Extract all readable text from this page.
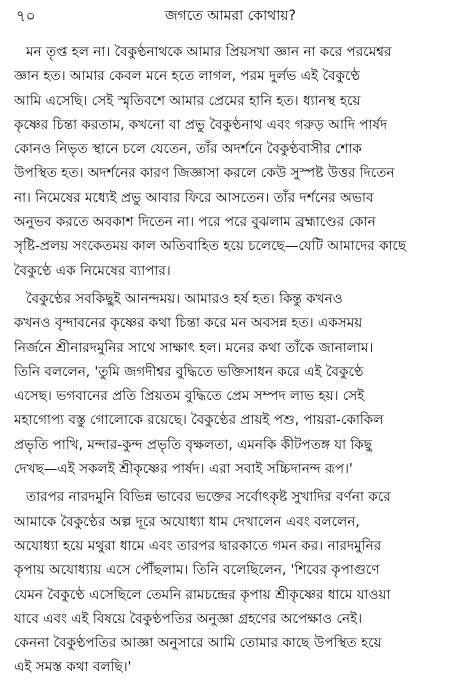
৭০	জগতে আমরা কোথায়?

মন তৃপ্ত হল না। বৈকুণ্ঠনাথকে আমার প্রিয়সখা জ্ঞান না করে পরমেশ্বর
জ্ঞান হত। আমার কেবল মনে হতে লাগল, পরম দুর্লভ এই বৈকুণ্ঠে
আমি এসেছি। সেই স্মৃতিবশে আমার প্রেমের হানি হত। ধ্যানস্থ হয়ে
কৃষ্ণের চিন্তা করতাম, কখনো বা প্রভু বৈকুণ্ঠনাথ এবং গরুড় আদি পার্ষদ
কোনও নিভৃত স্থানে চলে যেতেন, তাঁর অদর্শনে বৈকুণ্ঠবাসীর শোক
উপস্থিত হত। অদর্শনের কারণ জিজ্ঞাসা করলে কেউ সুস্পষ্ট উত্তর দিতেন
না। নিমেষের মধ্যেই প্রভু আবার ফিরে আসতেন। তাঁর দর্শনের অভাব
অনুভব করতে অবকাশ দিতেন না। পরে পরে বুঝলাম ব্রহ্মাণ্ডের কোন
সৃষ্টি-প্রলয় সংকেতময় কাল অতিবাহিত হয়ে চলেছে—যেটি আমাদের কাছে
বৈকুণ্ঠে এক নিমেষের ব্যাপার।

বৈকুণ্ঠের সবকিছুই আনন্দময়। আমারও হর্ষ হত। কিন্তু কখনও
কখনও বৃন্দাবনের কৃষ্ণের কথা চিন্তা করে মন অবসন্ন হত। একসময়
নির্জনে শ্রীনারদমুনির সাথে সাক্ষাৎ হল। মনের কথা তাঁকে জানালাম।
তিনি বললেন, 'তুমি জগদীশ্বর বুদ্ধিতে ভক্তিসাধন করে এই বৈকুণ্ঠে
এসেছ। ভগবানের প্রতি প্রিয়তম বুদ্ধিতে প্রেম সম্পদ লাভ হয়। সেই
মহাগোপ্য বস্তু গোলোকে রয়েছে। বৈকুণ্ঠের প্রায়ই পশু, পায়রা-কোকিল
প্রভৃতি পাখি, মন্দার-কুন্দ প্রভৃতি বৃক্ষলতা, এমনকি কীটপতঙ্গ যা কিছু
দেখছ—এই সকলই শ্রীকৃষ্ণের পার্ষদ। এরা সবাই সচ্চিদানন্দ রূপ।'

তারপর নারদমুনি বিভিন্ন ভাবের ভক্তের সর্বোৎকৃষ্ট সুখাদির বর্ণনা করে
আমাকে বৈকুণ্ঠের অল্প দূরে অযোধ্যা ধাম দেখালেন এবং বললেন,
অযোধ্যা হয়ে মথুরা ধামে এবং তারপর দ্বারকাতে গমন কর। নারদমুনির
কৃপায় অযোধ্যায় এসে পৌঁছলাম। তিনি বলেছিলেন, 'শিবের কৃপাগুণে
যেমন বৈকুণ্ঠে এসেছিলে তেমনি রামচন্দ্রের কৃপায় শ্রীকৃষ্ণের ধামে যাওয়া
যাবে এবং এই বিষয়ে বৈকুণ্ঠপতির অনুজ্ঞা গ্রহণের অপেক্ষাও নেই।
কেননা বৈকুণ্ঠপতির আজ্ঞা অনুসারে আমি তোমার কাছে উপস্থিত হয়ে
এই সমস্ত কথা বলছি।'
